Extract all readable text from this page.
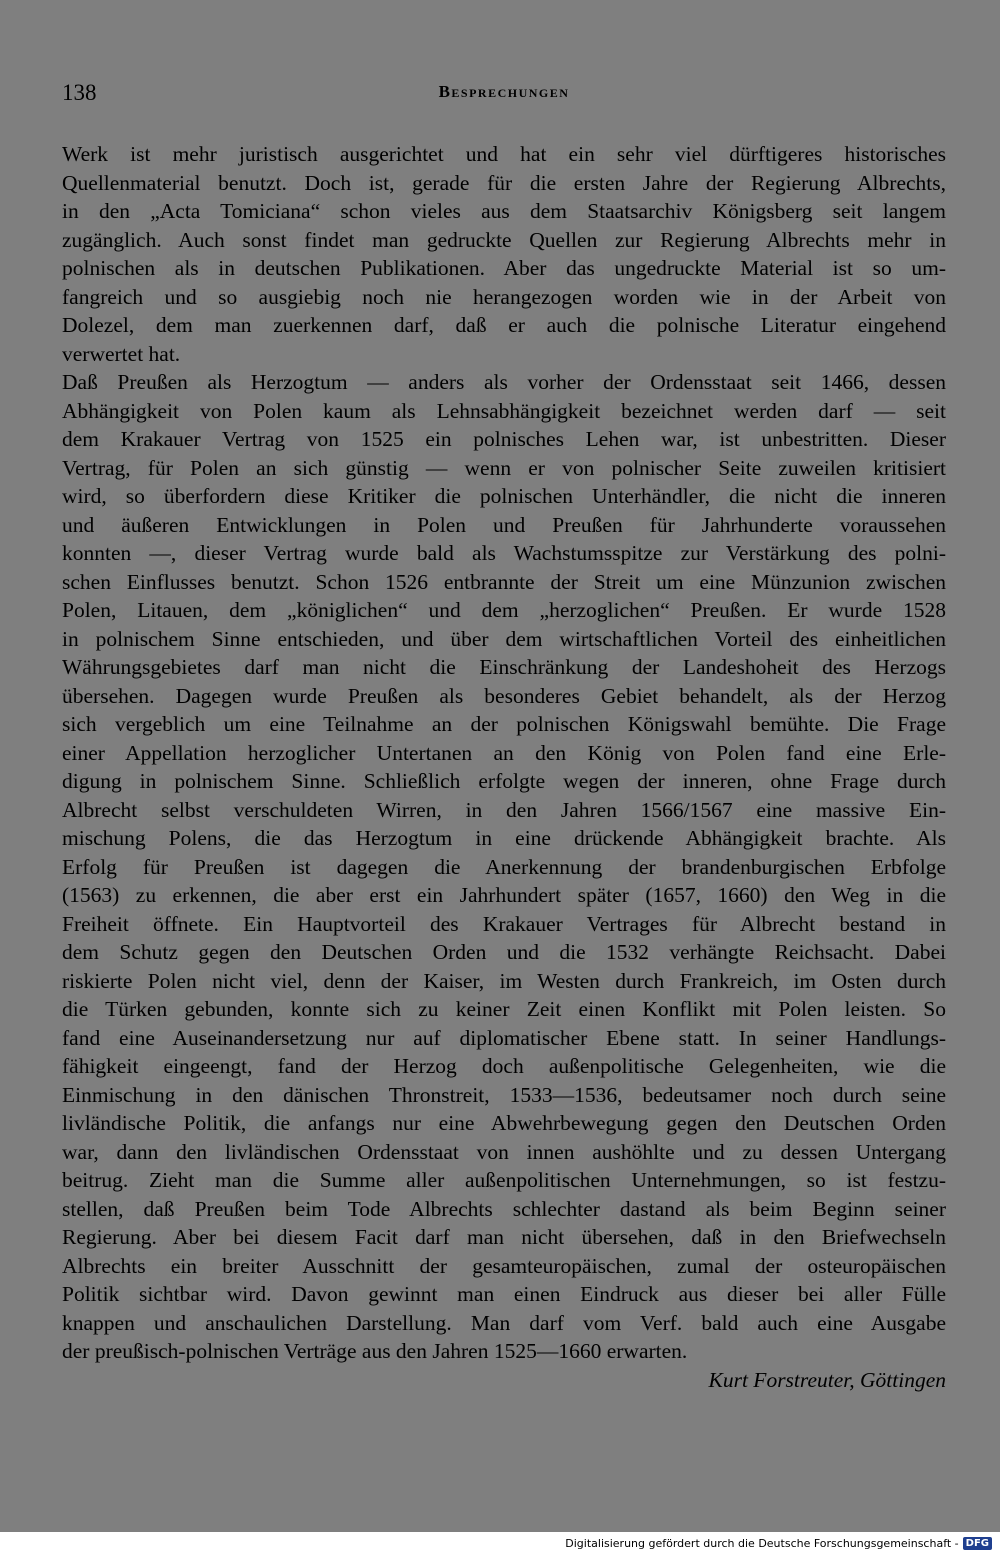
138	Besprechungen
Werk ist mehr juristisch ausgerichtet und hat ein sehr viel dürftigeres historisches
Quellenmaterial benutzt. Doch ist, gerade für die ersten Jahre der Regierung Albrechts,
in den „Acta Tomiciana“ schon vieles aus dem Staatsarchiv Königsberg seit langem
zugänglich. Auch sonst findet man gedruckte Quellen zur Regierung Albrechts mehr in
polnischen als in deutschen Publikationen. Aber das ungedruckte Material ist so um-
fangreich und so ausgiebig noch nie herangezogen worden wie in der Arbeit von
Dolezel, dem man zuerkennen darf, daß er auch die polnische Literatur eingehend
verwertet hat.
Daß Preußen als Herzogtum — anders als vorher der Ordensstaat seit 1466, dessen
Abhängigkeit von Polen kaum als Lehnsabhängigkeit bezeichnet werden darf — seit
dem Krakauer Vertrag von 1525 ein polnisches Lehen war, ist unbestritten. Dieser
Vertrag, für Polen an sich günstig — wenn er von polnischer Seite zuweilen kritisiert
wird, so überfordern diese Kritiker die polnischen Unterhändler, die nicht die inneren
und äußeren Entwicklungen in Polen und Preußen für Jahrhunderte voraussehen
konnten —, dieser Vertrag wurde bald als Wachstumsspitze zur Verstärkung des polni-
schen Einflusses benutzt. Schon 1526 entbrannte der Streit um eine Münzunion zwischen
Polen, Litauen, dem „königlichen“ und dem „herzoglichen“ Preußen. Er wurde 1528
in polnischem Sinne entschieden, und über dem wirtschaftlichen Vorteil des einheitlichen
Währungsgebietes darf man nicht die Einschränkung der Landeshoheit des Herzogs
übersehen. Dagegen wurde Preußen als besonderes Gebiet behandelt, als der Herzog
sich vergeblich um eine Teilnahme an der polnischen Königswahl bemühte. Die Frage
einer Appellation herzoglicher Untertanen an den König von Polen fand eine Erle-
digung in polnischem Sinne. Schließlich erfolgte wegen der inneren, ohne Frage durch
Albrecht selbst verschuldeten Wirren, in den Jahren 1566/1567 eine massive Ein-
mischung Polens, die das Herzogtum in eine drückende Abhängigkeit brachte. Als
Erfolg für Preußen ist dagegen die Anerkennung der brandenburgischen Erbfolge
(1563) zu erkennen, die aber erst ein Jahrhundert später (1657, 1660) den Weg in die
Freiheit öffnete. Ein Hauptvorteil des Krakauer Vertrages für Albrecht bestand in
dem Schutz gegen den Deutschen Orden und die 1532 verhängte Reichsacht. Dabei
riskierte Polen nicht viel, denn der Kaiser, im Westen durch Frankreich, im Osten durch
die Türken gebunden, konnte sich zu keiner Zeit einen Konflikt mit Polen leisten. So
fand eine Auseinandersetzung nur auf diplomatischer Ebene statt. In seiner Handlungs-
fähigkeit eingeengt, fand der Herzog doch außenpolitische Gelegenheiten, wie die
Einmischung in den dänischen Thronstreit, 1533—1536, bedeutsamer noch durch seine
livländische Politik, die anfangs nur eine Abwehrbewegung gegen den Deutschen Orden
war, dann den livländischen Ordensstaat von innen aushöhlte und zu dessen Untergang
beitrug. Zieht man die Summe aller außenpolitischen Unternehmungen, so ist festzu-
stellen, daß Preußen beim Tode Albrechts schlechter dastand als beim Beginn seiner
Regierung. Aber bei diesem Facit darf man nicht übersehen, daß in den Briefwechseln
Albrechts ein breiter Ausschnitt der gesamteuropäischen, zumal der osteuropäischen
Politik sichtbar wird. Davon gewinnt man einen Eindruck aus dieser bei aller Fülle
knappen und anschaulichen Darstellung. Man darf vom Verf. bald auch eine Ausgabe
der preußisch-polnischen Verträge aus den Jahren 1525—1660 erwarten.
Kurt Forstreuter, Göttingen
Digitalisierung gefördert durch die Deutsche Forschungsgemeinschaft - DFG
